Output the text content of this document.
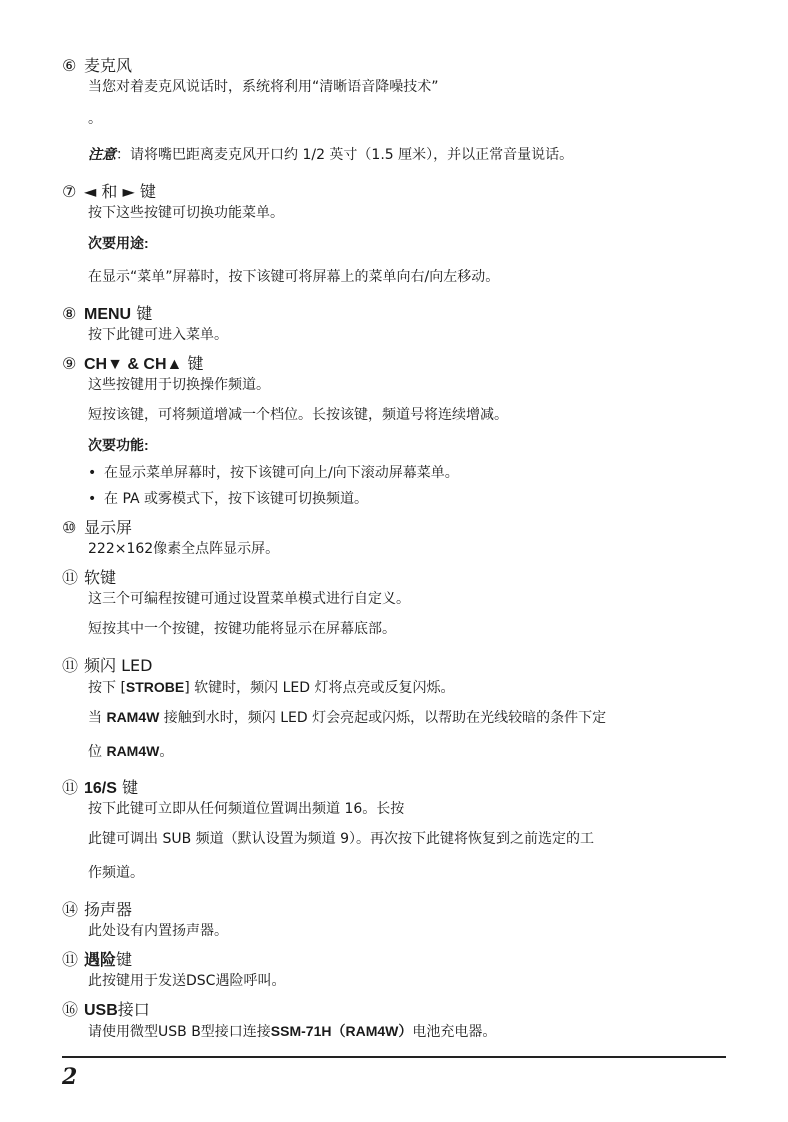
⑥ 麦克风
当您对着麦克风说话时，系统将利用“清晰语音降噪技术”
。
注意：请将嘴巴距离麦克风开口约 1/2 英寸（1.5 厘米），并以正常音量说话。
⑦ ◄ 和 ► 键
按下这些按键可切换功能菜单。
次要用途:
在显示“菜单”屏幕时，按下该键可将屏幕上的菜单向右/向左移动。
⑧ MENU 键
按下此键可进入菜单。
⑨ CH▼ & CH▲ 键
这些按键用于切换操作频道。
短按该键，可将频道增减一个档位。长按该键，频道号将连续增减。
次要功能:
• 在显示菜单屏幕时，按下该键可向上/向下滚动屏幕菜单。
• 在 PA 或雾模式下，按下该键可切换频道。
⑩ 显示屏
222×162像素全点阵显示屏。
⑪ 软键
这三个可编程按键可通过设置菜单模式进行自定义。
短按其中一个按键，按键功能将显示在屏幕底部。
⑪ 频闪 LED
按下 [STROBE] 软键时，频闪 LED 灯将点亮或反复闪烁。
当 RAM4W 接触到水时，频闪 LED 灯会亮起或闪烁，以帮助在光线较暗的条件下定
位 RAM4W。
⑪ 16/S 键
按下此键可立即从任何频道位置调出频道 16。长按
此键可调出 SUB 频道（默认设置为频道 9）。再次按下此键将恢复到之前选定的工
作频道。
⑭ 扬声器
此处设有内置扬声器。
⑪ 遇险键
此按键用于发送DSC遇险呼叫。
⑯ USB接口
请使用微型USB B型接口连接SSM-71H（RAM4W）电池充电器。
2
